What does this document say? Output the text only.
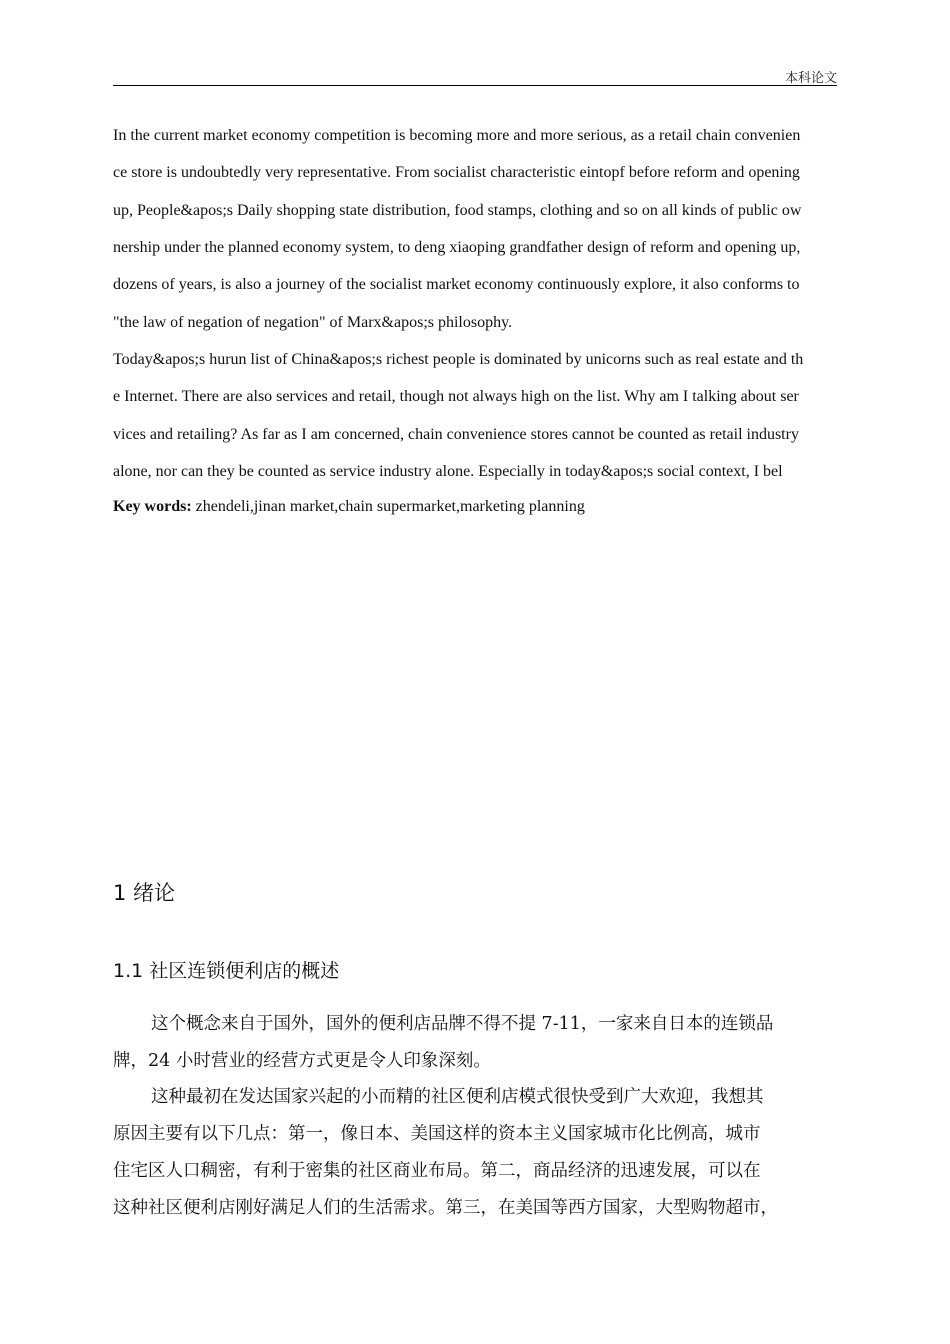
本科论文
In the current market economy competition is becoming more and more serious, as a retail chain convenien
ce store is undoubtedly very representative. From socialist characteristic eintopf before reform and opening
up, People&apos;s Daily shopping state distribution, food stamps, clothing and so on all kinds of public ow
nership under the planned economy system, to deng xiaoping grandfather design of reform and opening up,
dozens of years, is also a journey of the socialist market economy continuously explore, it also conforms to
"the law of negation of negation" of Marx&apos;s philosophy.
Today&apos;s hurun list of China&apos;s richest people is dominated by unicorns such as real estate and th
e Internet. There are also services and retail, though not always high on the list. Why am I talking about ser
vices and retailing? As far as I am concerned, chain convenience stores cannot be counted as retail industry
alone, nor can they be counted as service industry alone. Especially in today&apos;s social context, I bel
Key words: zhendeli,jinan market,chain supermarket,marketing planning
1 绪论
1.1 社区连锁便利店的概述
这个概念来自于国外，国外的便利店品牌不得不提 7-11，一家来自日本的连锁品
牌，24 小时营业的经营方式更是令人印象深刻。
这种最初在发达国家兴起的小而精的社区便利店模式很快受到广大欢迎，我想其
原因主要有以下几点：第一，像日本、美国这样的资本主义国家城市化比例高，城市
住宅区人口稠密，有利于密集的社区商业布局。第二，商品经济的迅速发展，可以在
这种社区便利店刚好满足人们的生活需求。第三，在美国等西方国家，大型购物超市，
